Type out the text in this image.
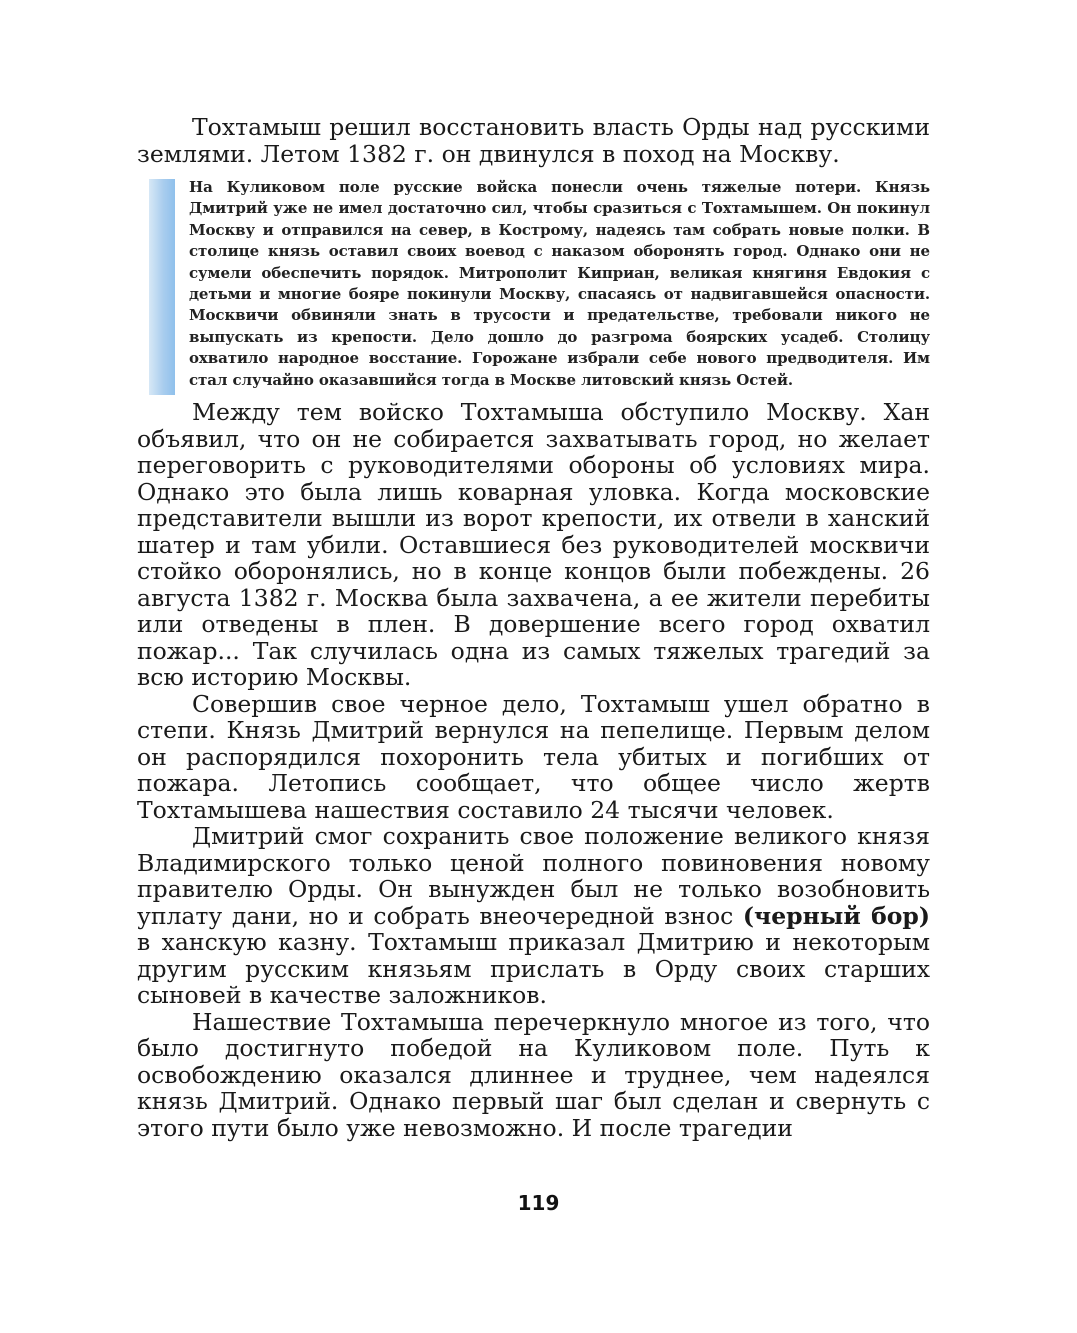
Тохтамыш решил восстановить власть Орды над русскими землями. Летом 1382 г. он двинулся в поход на Москву.

На Куликовом поле русские войска понесли очень тяжелые потери. Князь Дмитрий уже не имел достаточно сил, чтобы сразиться с Тохтамышем. Он покинул Москву и отправился на север, в Кострому, надеясь там собрать новые полки. В столице князь оставил своих воевод с наказом оборонять город. Однако они не сумели обеспечить порядок. Митрополит Киприан, великая княгиня Евдокия с детьми и многие бояре покинули Москву, спасаясь от надвигавшейся опасности. Москвичи обвиняли знать в трусости и предательстве, требовали никого не выпускать из крепости. Дело дошло до разгрома боярских усадеб. Столицу охватило народное восстание. Горожане избрали себе нового предводителя. Им стал случайно оказавшийся тогда в Москве литовский князь Остей.

Между тем войско Тохтамыша обступило Москву. Хан объявил, что он не собирается захватывать город, но желает переговорить с руководителями обороны об условиях мира. Однако это была лишь коварная уловка. Когда московские представители вышли из ворот крепости, их отвели в ханский шатер и там убили. Оставшиеся без руководителей москвичи стойко оборонялись, но в конце концов были побеждены. 26 августа 1382 г. Москва была захвачена, а ее жители перебиты или отведены в плен. В довершение всего город охватил пожар... Так случилась одна из самых тяжелых трагедий за всю историю Москвы.

Совершив свое черное дело, Тохтамыш ушел обратно в степи. Князь Дмитрий вернулся на пепелище. Первым делом он распорядился похоронить тела убитых и погибших от пожара. Летопись сообщает, что общее число жертв Тохтамышева нашествия составило 24 тысячи человек.

Дмитрий смог сохранить свое положение великого князя Владимирского только ценой полного повиновения новому правителю Орды. Он вынужден был не только возобновить уплату дани, но и собрать внеочередной взнос (черный бор) в ханскую казну. Тохтамыш приказал Дмитрию и некоторым другим русским князьям прислать в Орду своих старших сыновей в качестве заложников.

Нашествие Тохтамыша перечеркнуло многое из того, что было достигнуто победой на Куликовом поле. Путь к освобождению оказался длиннее и труднее, чем надеялся князь Дмитрий. Однако первый шаг был сделан и свернуть с этого пути было уже невозможно. И после трагедии

119
